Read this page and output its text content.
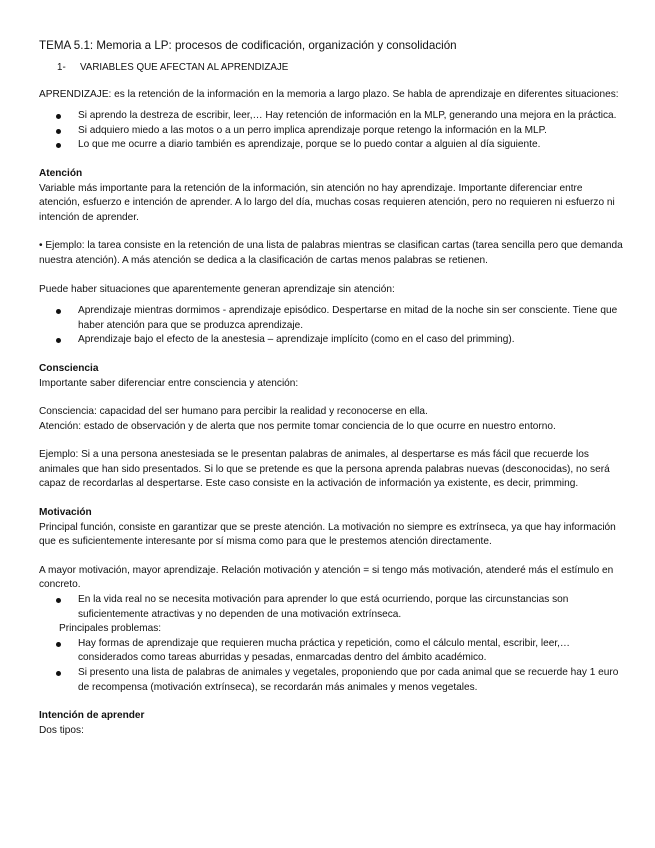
TEMA 5.1: Memoria a LP: procesos de codificación, organización y consolidación

1- VARIABLES QUE AFECTAN AL APRENDIZAJE

APRENDIZAJE: es la retención de la información en la memoria a largo plazo. Se habla de aprendizaje en diferentes situaciones:

Si aprendo la destreza de escribir, leer,… Hay retención de información en la MLP, generando una mejora en la práctica.
Si adquiero miedo a las motos o a un perro implica aprendizaje porque retengo la información en la MLP.
Lo que me ocurre a diario también es aprendizaje, porque se lo puedo contar a alguien al día siguiente.

Atención

Variable más importante para la retención de la información, sin atención no hay aprendizaje. Importante diferenciar entre atención, esfuerzo e intención de aprender. A lo largo del día, muchas cosas requieren atención, pero no requieren ni esfuerzo ni intención de aprender.

• Ejemplo: la tarea consiste en la retención de una lista de palabras mientras se clasifican cartas (tarea sencilla pero que demanda nuestra atención). A más atención se dedica a la clasificación de cartas menos palabras se retienen.

Puede haber situaciones que aparentemente generan aprendizaje sin atención:

Aprendizaje mientras dormimos - aprendizaje episódico. Despertarse en mitad de la noche sin ser consciente. Tiene que haber atención para que se produzca aprendizaje.
Aprendizaje bajo el efecto de la anestesia – aprendizaje implícito (como en el caso del primming).

Consciencia

Importante saber diferenciar entre consciencia y atención:

Consciencia: capacidad del ser humano para percibir la realidad y reconocerse en ella.

Atención: estado de observación y de alerta que nos permite tomar conciencia de lo que ocurre en nuestro entorno.

Ejemplo: Si a una persona anestesiada se le presentan palabras de animales, al despertarse es más fácil que recuerde los animales que han sido presentados. Si lo que se pretende es que la persona aprenda palabras nuevas (desconocidas), no será capaz de recordarlas al despertarse. Este caso consiste en la activación de información ya existente, es decir, primming.

Motivación

Principal función, consiste en garantizar que se preste atención. La motivación no siempre es extrínseca, ya que hay información que es suficientemente interesante por sí misma como para que le prestemos atención directamente.

A mayor motivación, mayor aprendizaje. Relación motivación y atención = si tengo más motivación, atenderé más el estímulo en concreto.

En la vida real no se necesita motivación para aprender lo que está ocurriendo, porque las circunstancias son suficientemente atractivas y no dependen de una motivación extrínseca.

Principales problemas:

Hay formas de aprendizaje que requieren mucha práctica y repetición, como el cálculo mental, escribir, leer,… considerados como tareas aburridas y pesadas, enmarcadas dentro del ámbito académico.
Si presento una lista de palabras de animales y vegetales, proponiendo que por cada animal que se recuerde hay 1 euro de recompensa (motivación extrínseca), se recordarán más animales y menos vegetales.

Intención de aprender

Dos tipos:
